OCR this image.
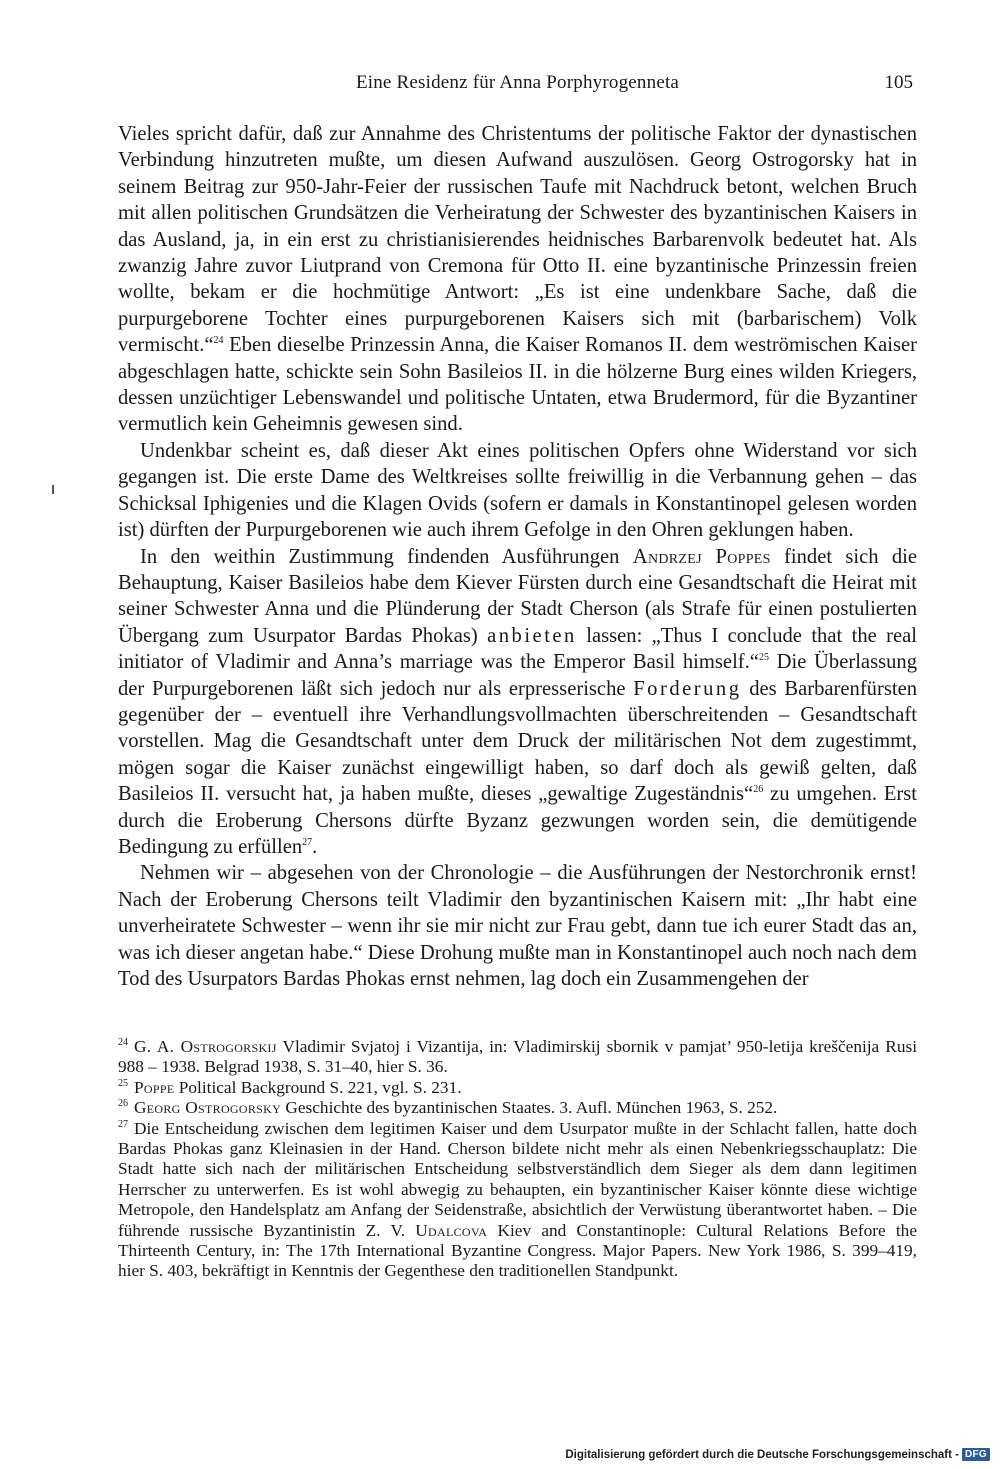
Eine Residenz für Anna Porphyrogenneta	105

Vieles spricht dafür, daß zur Annahme des Christentums der politische Faktor der dynastischen Verbindung hinzutreten mußte, um diesen Aufwand auszulösen. Georg Ostrogorsky hat in seinem Beitrag zur 950-Jahr-Feier der russischen Taufe mit Nachdruck betont, welchen Bruch mit allen politischen Grundsätzen die Verheiratung der Schwester des byzantinischen Kaisers in das Ausland, ja, in ein erst zu christianisierendes heidnisches Barbarenvolk bedeutet hat. Als zwanzig Jahre zuvor Liutprand von Cremona für Otto II. eine byzantinische Prinzessin freien wollte, bekam er die hochmütige Antwort: „Es ist eine undenkbare Sache, daß die purpurgeborene Tochter eines purpurgeborenen Kaisers sich mit (barbarischem) Volk vermischt.“$^{24}$ Eben dieselbe Prinzessin Anna, die Kaiser Romanos II. dem weströmischen Kaiser abgeschlagen hatte, schickte sein Sohn Basileios II. in die hölzerne Burg eines wilden Kriegers, dessen unzüchtiger Lebenswandel und politische Untaten, etwa Brudermord, für die Byzantiner vermutlich kein Geheimnis gewesen sind.

Undenkbar scheint es, daß dieser Akt eines politischen Opfers ohne Widerstand vor sich gegangen ist. Die erste Dame des Weltkreises sollte freiwillig in die Verbannung gehen – das Schicksal Iphigenies und die Klagen Ovids (sofern er damals in Konstantinopel gelesen worden ist) dürften der Purpurgeborenen wie auch ihrem Gefolge in den Ohren geklungen haben.

In den weithin Zustimmung findenden Ausführungen Andrzej Poppes findet sich die Behauptung, Kaiser Basileios habe dem Kiever Fürsten durch eine Gesandtschaft die Heirat mit seiner Schwester Anna und die Plünderung der Stadt Cherson (als Strafe für einen postulierten Übergang zum Usurpator Bardas Phokas) anbieten lassen: „Thus I conclude that the real initiator of Vladimir and Anna’s marriage was the Emperor Basil himself.“$^{25}$ Die Überlassung der Purpurgeborenen läßt sich jedoch nur als erpresserische Forderung des Barbarenfürsten gegenüber der – eventuell ihre Verhandlungsvollmachten überschreitenden – Gesandtschaft vorstellen. Mag die Gesandtschaft unter dem Druck der militärischen Not dem zugestimmt, mögen sogar die Kaiser zunächst eingewilligt haben, so darf doch als gewiß gelten, daß Basileios II. versucht hat, ja haben mußte, dieses „gewaltige Zugeständnis“$^{26}$ zu umgehen. Erst durch die Eroberung Chersons dürfte Byzanz gezwungen worden sein, die demütigende Bedingung zu erfüllen$^{27}$.

Nehmen wir – abgesehen von der Chronologie – die Ausführungen der Nestorchronik ernst! Nach der Eroberung Chersons teilt Vladimir den byzantinischen Kaisern mit: „Ihr habt eine unverheiratete Schwester – wenn ihr sie mir nicht zur Frau gebt, dann tue ich eurer Stadt das an, was ich dieser angetan habe.“ Diese Drohung mußte man in Konstantinopel auch noch nach dem Tod des Usurpators Bardas Phokas ernst nehmen, lag doch ein Zusammengehen der

$^{24}$ G. A. Ostrogorskij Vladimir Svjatoj i Vizantija, in: Vladimirskij sbornik v pamjat’ 950-letija kreščenija Rusi 988 – 1938. Belgrad 1938, S. 31–40, hier S. 36.

$^{25}$ Poppe Political Background S. 221, vgl. S. 231.

$^{26}$ Georg Ostrogorsky Geschichte des byzantinischen Staates. 3. Aufl. München 1963, S. 252.

$^{27}$ Die Entscheidung zwischen dem legitimen Kaiser und dem Usurpator mußte in der Schlacht fallen, hatte doch Bardas Phokas ganz Kleinasien in der Hand. Cherson bildete nicht mehr als einen Nebenkriegsschauplatz: Die Stadt hatte sich nach der militärischen Entscheidung selbstverständlich dem Sieger als dem dann legitimen Herrscher zu unterwerfen. Es ist wohl abwegig zu behaupten, ein byzantinischer Kaiser könnte diese wichtige Metropole, den Handelsplatz am Anfang der Seidenstraße, absichtlich der Verwüstung überantwortet haben. – Die führende russische Byzantinistin Z. V. Udalcova Kiev and Constantinople: Cultural Relations Before the Thirteenth Century, in: The 17th International Byzantine Congress. Major Papers. New York 1986, S. 399–419, hier S. 403, bekräftigt in Kenntnis der Gegenthese den traditionellen Standpunkt.

Digitalisierung gefördert durch die Deutsche Forschungsgemeinschaft - DFG
